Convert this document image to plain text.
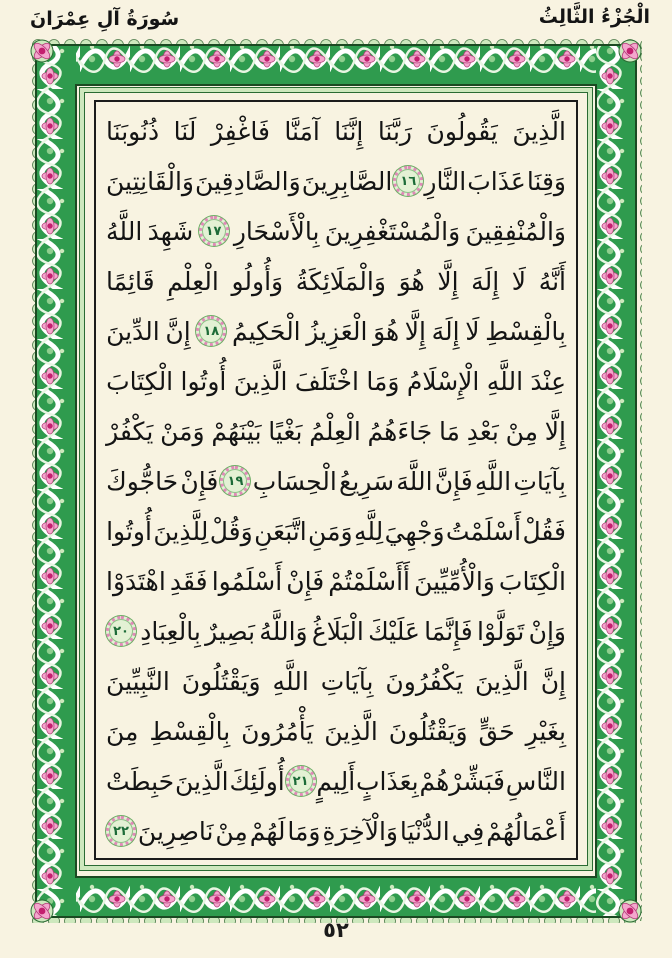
الْجُزْءُ الثَّالِثُ
سُورَةُ آلِ عِمْرَانَ
الَّذِينَ
يَقُولُونَ
رَبَّنَا
إِنَّنَا
آمَنَّا
فَاغْفِرْ
لَنَا
ذُنُوبَنَا
وَقِنَا
عَذَابَ
النَّارِ
١٦
الصَّابِرِينَ
وَالصَّادِقِينَ
وَالْقَانِتِينَ
وَالْمُنْفِقِينَ
وَالْمُسْتَغْفِرِينَ
بِالْأَسْحَارِ
١٧
شَهِدَ
اللَّهُ
أَنَّهُ
لَا
إِلَهَ
إِلَّا
هُوَ
وَالْمَلَائِكَةُ
وَأُولُو
الْعِلْمِ
قَائِمًا
بِالْقِسْطِ
لَا
إِلَهَ
إِلَّا
هُوَ
الْعَزِيزُ
الْحَكِيمُ
١٨
إِنَّ
الدِّينَ
عِنْدَ
اللَّهِ
الْإِسْلَامُ
وَمَا
اخْتَلَفَ
الَّذِينَ
أُوتُوا
الْكِتَابَ
إِلَّا
مِنْ
بَعْدِ
مَا
جَاءَهُمُ
الْعِلْمُ
بَغْيًا
بَيْنَهُمْ
وَمَنْ
يَكْفُرْ
بِآيَاتِ
اللَّهِ
فَإِنَّ
اللَّهَ
سَرِيعُ
الْحِسَابِ
١٩
فَإِنْ
حَاجُّوكَ
فَقُلْ
أَسْلَمْتُ
وَجْهِيَ
لِلَّهِ
وَمَنِ
اتَّبَعَنِ
وَقُلْ
لِلَّذِينَ
أُوتُوا
الْكِتَابَ
وَالْأُمِّيِّينَ
أَأَسْلَمْتُمْ
فَإِنْ
أَسْلَمُوا
فَقَدِ
اهْتَدَوْا
وَإِنْ
تَوَلَّوْا
فَإِنَّمَا
عَلَيْكَ
الْبَلَاغُ
وَاللَّهُ
بَصِيرٌ
بِالْعِبَادِ
٢٠
إِنَّ
الَّذِينَ
يَكْفُرُونَ
بِآيَاتِ
اللَّهِ
وَيَقْتُلُونَ
النَّبِيِّينَ
بِغَيْرِ
حَقٍّ
وَيَقْتُلُونَ
الَّذِينَ
يَأْمُرُونَ
بِالْقِسْطِ
مِنَ
النَّاسِ
فَبَشِّرْهُمْ
بِعَذَابٍ
أَلِيمٍ
٢١
أُولَئِكَ
الَّذِينَ
حَبِطَتْ
أَعْمَالُهُمْ
فِي
الدُّنْيَا
وَالْآخِرَةِ
وَمَا
لَهُمْ
مِنْ
نَاصِرِينَ
٢٢
٥٢
